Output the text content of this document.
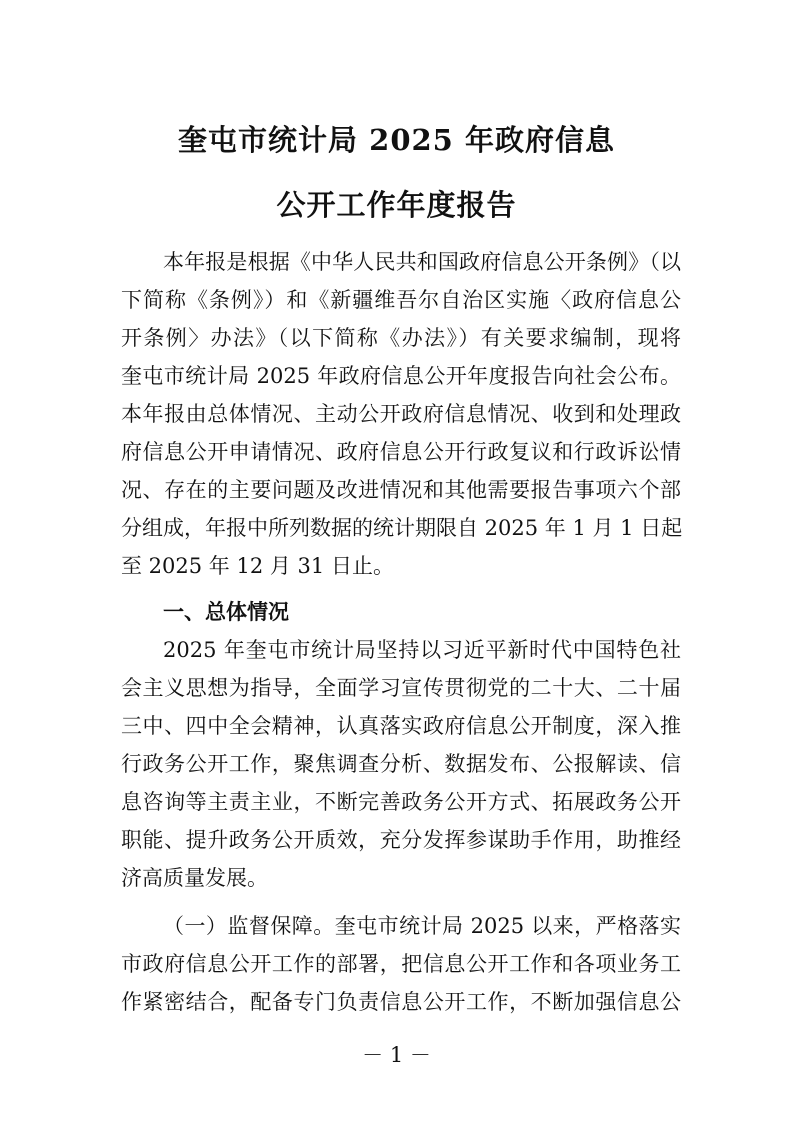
奎屯市统计局 2025 年政府信息
公开工作年度报告
本年报是根据《中华人民共和国政府信息公开条例》（以
下简称《条例》）和《新疆维吾尔自治区实施〈政府信息公
开条例〉办法》（以下简称《办法》）有关要求编制，现将
奎屯市统计局 2025 年政府信息公开年度报告向社会公布。
本年报由总体情况、主动公开政府信息情况、收到和处理政
府信息公开申请情况、政府信息公开行政复议和行政诉讼情
况、存在的主要问题及改进情况和其他需要报告事项六个部
分组成，年报中所列数据的统计期限自 2025 年 1 月 1 日起
至 2025 年 12 月 31 日止。
一、总体情况
2025 年奎屯市统计局坚持以习近平新时代中国特色社
会主义思想为指导，全面学习宣传贯彻党的二十大、二十届
三中、四中全会精神，认真落实政府信息公开制度，深入推
行政务公开工作，聚焦调查分析、数据发布、公报解读、信
息咨询等主责主业，不断完善政务公开方式、拓展政务公开
职能、提升政务公开质效，充分发挥参谋助手作用，助推经
济高质量发展。
（一）监督保障。奎屯市统计局 2025 以来，严格落实
市政府信息公开工作的部署，把信息公开工作和各项业务工
作紧密结合，配备专门负责信息公开工作，不断加强信息公
－ 1 －
